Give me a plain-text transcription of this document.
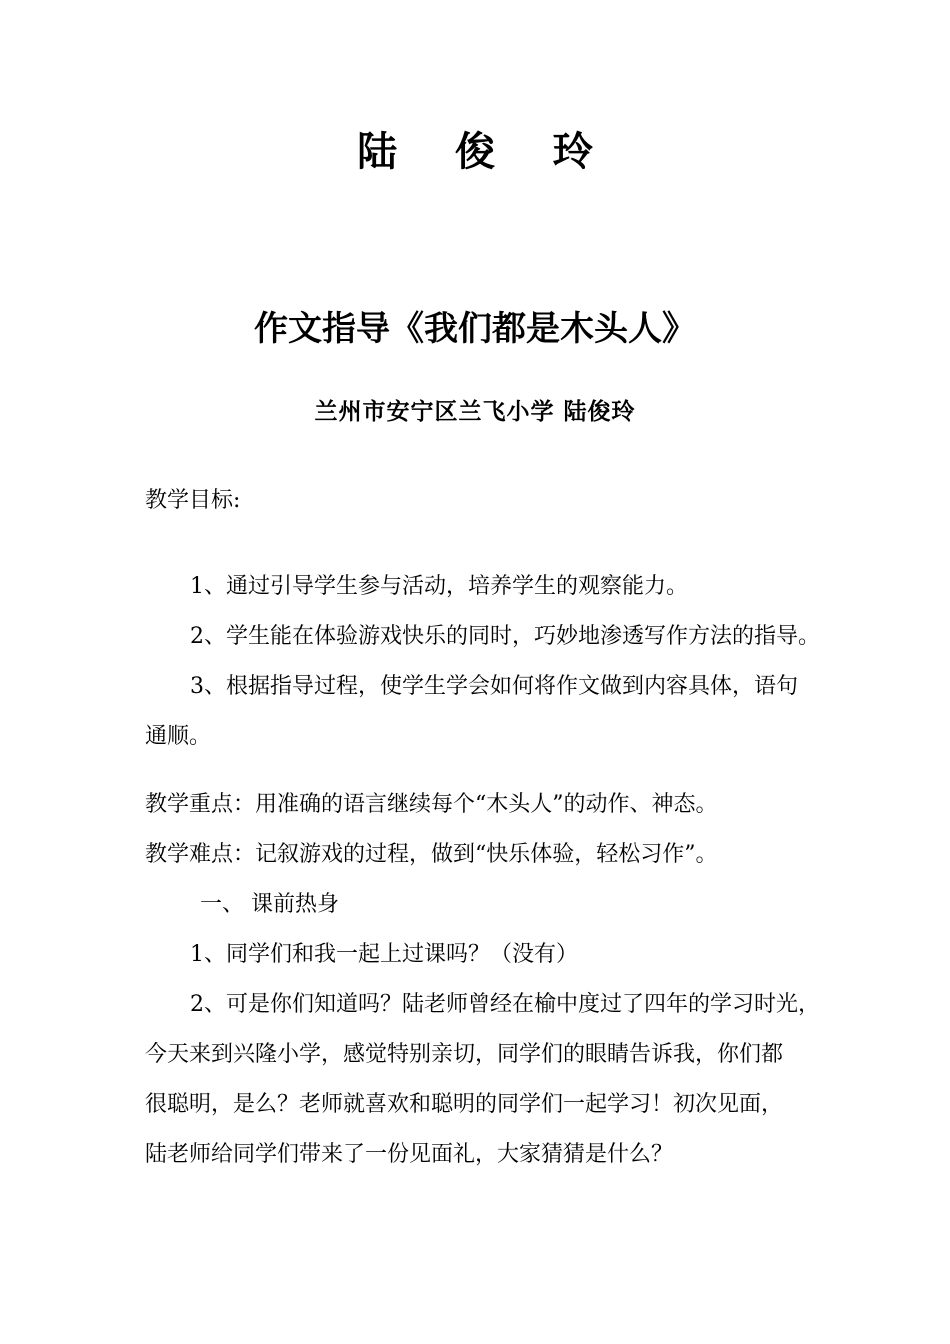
陆 俊 玲
作文指导《我们都是木头人》
兰州市安宁区兰飞小学 陆俊玲
教学目标:
1、通过引导学生参与活动，培养学生的观察能力。
2、学生能在体验游戏快乐的同时，巧妙地渗透写作方法的指导。
3、根据指导过程，使学生学会如何将作文做到内容具体，语句
通顺。
教学重点：用准确的语言继续每个“木头人”的动作、神态。
教学难点：记叙游戏的过程，做到“快乐体验，轻松习作”。
一、 课前热身
1、同学们和我一起上过课吗？（没有）
2、可是你们知道吗？陆老师曾经在榆中度过了四年的学习时光，
今天来到兴隆小学，感觉特别亲切，同学们的眼睛告诉我，你们都
很聪明，是么？老师就喜欢和聪明的同学们一起学习！初次见面，
陆老师给同学们带来了一份见面礼，大家猜猜是什么？
